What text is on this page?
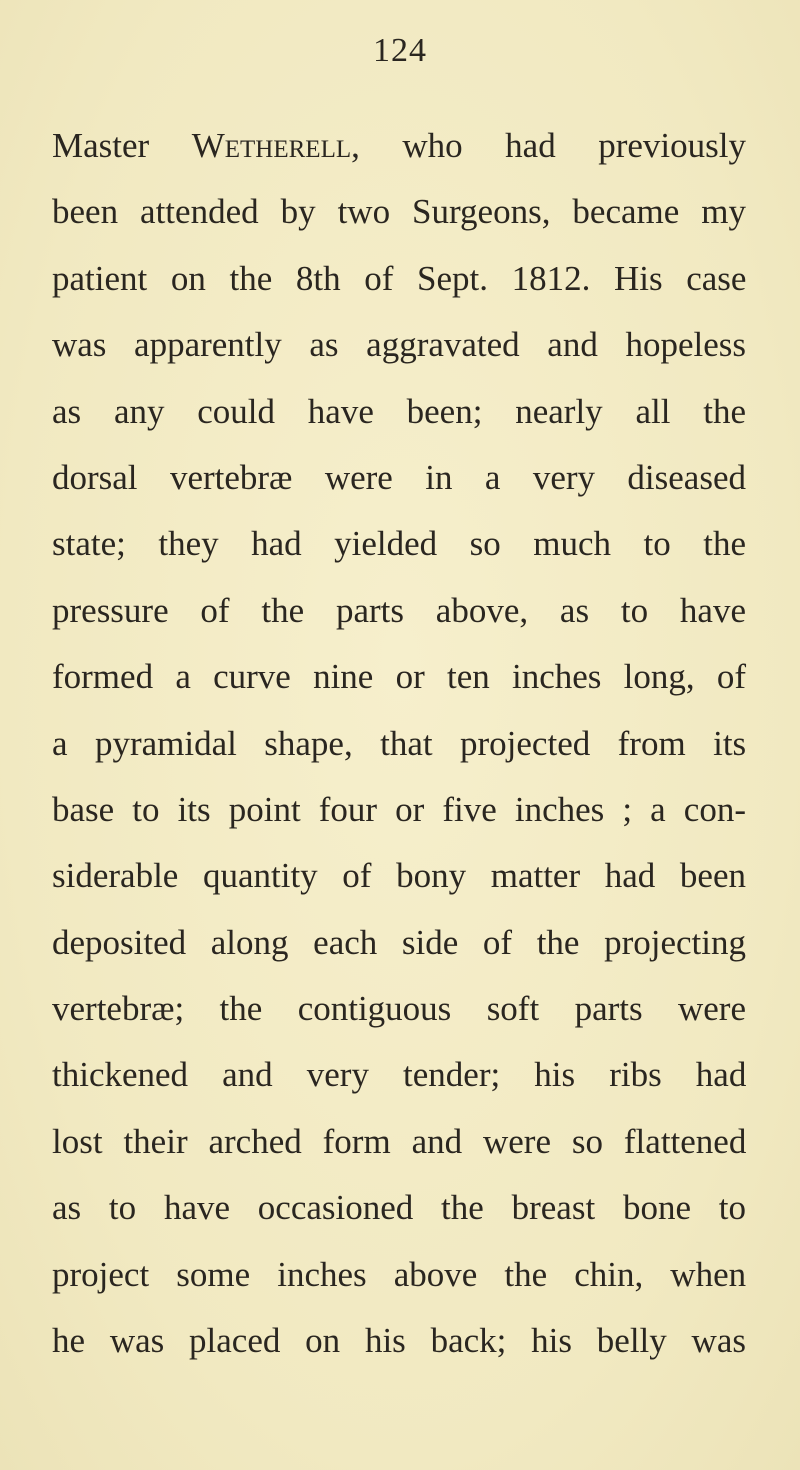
124
Master Wetherell, who had previously
been attended by two Surgeons, became my
patient on the 8th of Sept. 1812. His case
was apparently as aggravated and hopeless
as any could have been; nearly all the
dorsal vertebræ were in a very diseased
state; they had yielded so much to the
pressure of the parts above, as to have
formed a curve nine or ten inches long, of
a pyramidal shape, that projected from its
base to its point four or five inches ; a con-
siderable quantity of bony matter had been
deposited along each side of the projecting
vertebræ; the contiguous soft parts were
thickened and very tender; his ribs had
lost their arched form and were so flattened
as to have occasioned the breast bone to
project some inches above the chin, when
he was placed on his back; his belly was
